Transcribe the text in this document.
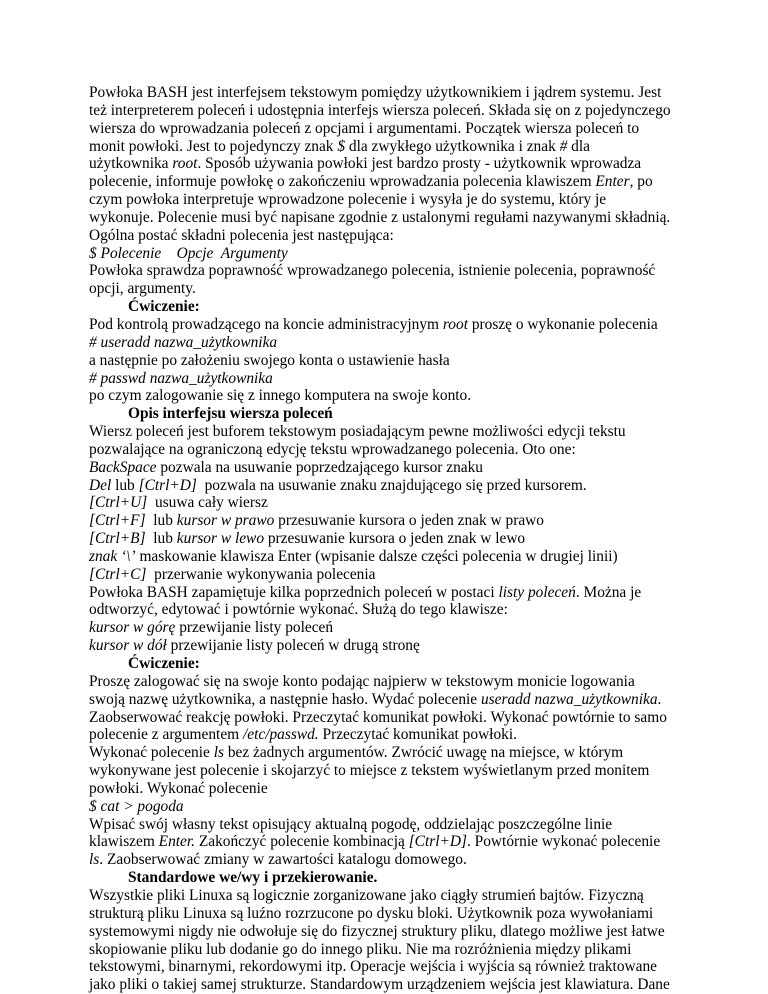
Powłoka BASH jest interfejsem tekstowym pomiędzy użytkownikiem i jądrem systemu. Jest
też interpreterem poleceń i udostępnia interfejs wiersza poleceń. Składa się on z pojedynczego
wiersza do wprowadzania poleceń z opcjami i argumentami. Początek wiersza poleceń to
monit powłoki. Jest to pojedynczy znak $ dla zwykłego użytkownika i znak # dla
użytkownika root. Sposób używania powłoki jest bardzo prosty - użytkownik wprowadza
polecenie, informuje powłokę o zakończeniu wprowadzania polecenia klawiszem Enter, po
czym powłoka interpretuje wprowadzone polecenie i wysyła je do systemu, który je
wykonuje. Polecenie musi być napisane zgodnie z ustalonymi regułami nazywanymi składnią.
Ogólna postać składni polecenia jest następująca:
$ Polecenie    Opcje  Argumenty
Powłoka sprawdza poprawność wprowadzanego polecenia, istnienie polecenia, poprawność
opcji, argumenty.
Ćwiczenie:
Pod kontrolą prowadzącego na koncie administracyjnym root proszę o wykonanie polecenia
# useradd nazwa_użytkownika
a następnie po założeniu swojego konta o ustawienie hasła
# passwd nazwa_użytkownika
po czym zalogowanie się z innego komputera na swoje konto.
Opis interfejsu wiersza poleceń
Wiersz poleceń jest buforem tekstowym posiadającym pewne możliwości edycji tekstu
pozwalające na ograniczoną edycję tekstu wprowadzanego polecenia. Oto one:
BackSpace pozwala na usuwanie poprzedzającego kursor znaku
Del lub [Ctrl+D]  pozwala na usuwanie znaku znajdującego się przed kursorem.
[Ctrl+U]  usuwa cały wiersz
[Ctrl+F]  lub kursor w prawo przesuwanie kursora o jeden znak w prawo
[Ctrl+B]  lub kursor w lewo przesuwanie kursora o jeden znak w lewo
znak ‘\’ maskowanie klawisza Enter (wpisanie dalsze części polecenia w drugiej linii)
[Ctrl+C]  przerwanie wykonywania polecenia
Powłoka BASH zapamiętuje kilka poprzednich poleceń w postaci listy poleceń. Można je
odtworzyć, edytować i powtórnie wykonać. Służą do tego klawisze:
kursor w górę przewijanie listy poleceń
kursor w dół przewijanie listy poleceń w drugą stronę
Ćwiczenie:
Proszę zalogować się na swoje konto podając najpierw w tekstowym monicie logowania
swoją nazwę użytkownika, a następnie hasło. Wydać polecenie useradd nazwa_użytkownika.
Zaobserwować reakcję powłoki. Przeczytać komunikat powłoki. Wykonać powtórnie to samo
polecenie z argumentem /etc/passwd. Przeczytać komunikat powłoki.
Wykonać polecenie ls bez żadnych argumentów. Zwrócić uwagę na miejsce, w którym
wykonywane jest polecenie i skojarzyć to miejsce z tekstem wyświetlanym przed monitem
powłoki. Wykonać polecenie
$ cat > pogoda
Wpisać swój własny tekst opisujący aktualną pogodę, oddzielając poszczególne linie
klawiszem Enter. Zakończyć polecenie kombinacją [Ctrl+D]. Powtórnie wykonać polecenie
ls. Zaobserwować zmiany w zawartości katalogu domowego.
Standardowe we/wy i przekierowanie.
Wszystkie pliki Linuxa są logicznie zorganizowane jako ciągły strumień bajtów. Fizyczną
strukturą pliku Linuxa są luźno rozrzucone po dysku bloki. Użytkownik poza wywołaniami
systemowymi nigdy nie odwołuje się do fizycznej struktury pliku, dlatego możliwe jest łatwe
skopiowanie pliku lub dodanie go do innego pliku. Nie ma rozróżnienia między plikami
tekstowymi, binarnymi, rekordowymi itp. Operacje wejścia i wyjścia są również traktowane
jako pliki o takiej samej strukturze. Standardowym urządzeniem wejścia jest klawiatura. Dane
